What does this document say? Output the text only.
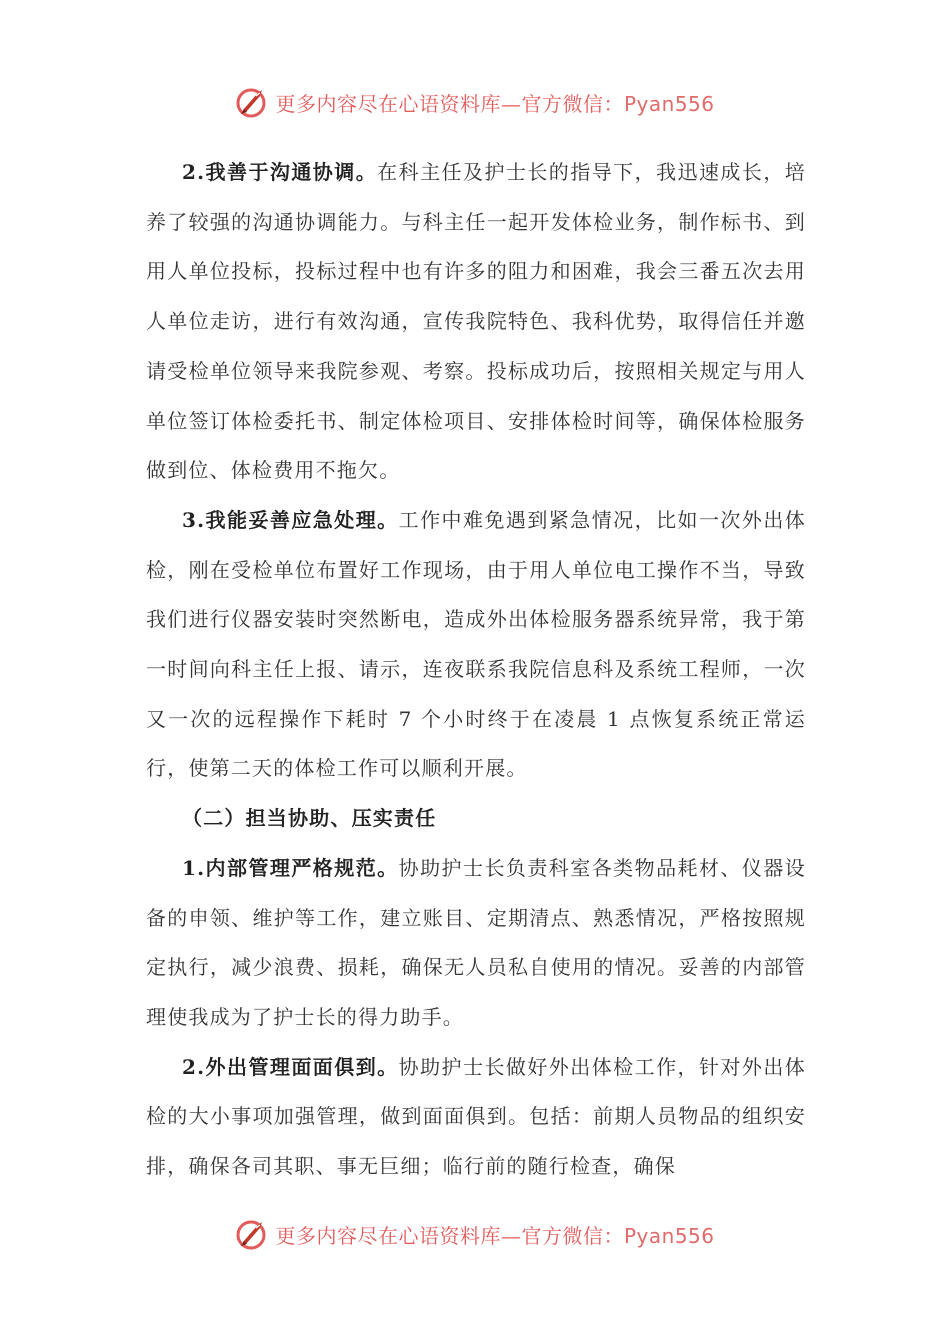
更多内容尽在心语资料库—官方微信：Pyan556

2.我善于沟通协调。在科主任及护士长的指导下，我迅速成长，培养了较强的沟通协调能力。与科主任一起开发体检业务，制作标书、到用人单位投标，投标过程中也有许多的阻力和困难，我会三番五次去用人单位走访，进行有效沟通，宣传我院特色、我科优势，取得信任并邀请受检单位领导来我院参观、考察。投标成功后，按照相关规定与用人单位签订体检委托书、制定体检项目、安排体检时间等，确保体检服务做到位、体检费用不拖欠。

3.我能妥善应急处理。工作中难免遇到紧急情况，比如一次外出体检，刚在受检单位布置好工作现场，由于用人单位电工操作不当，导致我们进行仪器安装时突然断电，造成外出体检服务器系统异常，我于第一时间向科主任上报、请示，连夜联系我院信息科及系统工程师，一次又一次的远程操作下耗时 7 个小时终于在凌晨 1 点恢复系统正常运行，使第二天的体检工作可以顺利开展。

（二）担当协助、压实责任

1.内部管理严格规范。协助护士长负责科室各类物品耗材、仪器设备的申领、维护等工作，建立账目、定期清点、熟悉情况，严格按照规定执行，减少浪费、损耗，确保无人员私自使用的情况。妥善的内部管理使我成为了护士长的得力助手。

2.外出管理面面俱到。协助护士长做好外出体检工作，针对外出体检的大小事项加强管理，做到面面俱到。包括：前期人员物品的组织安排，确保各司其职、事无巨细；临行前的随行检查，确保

更多内容尽在心语资料库—官方微信：Pyan556
